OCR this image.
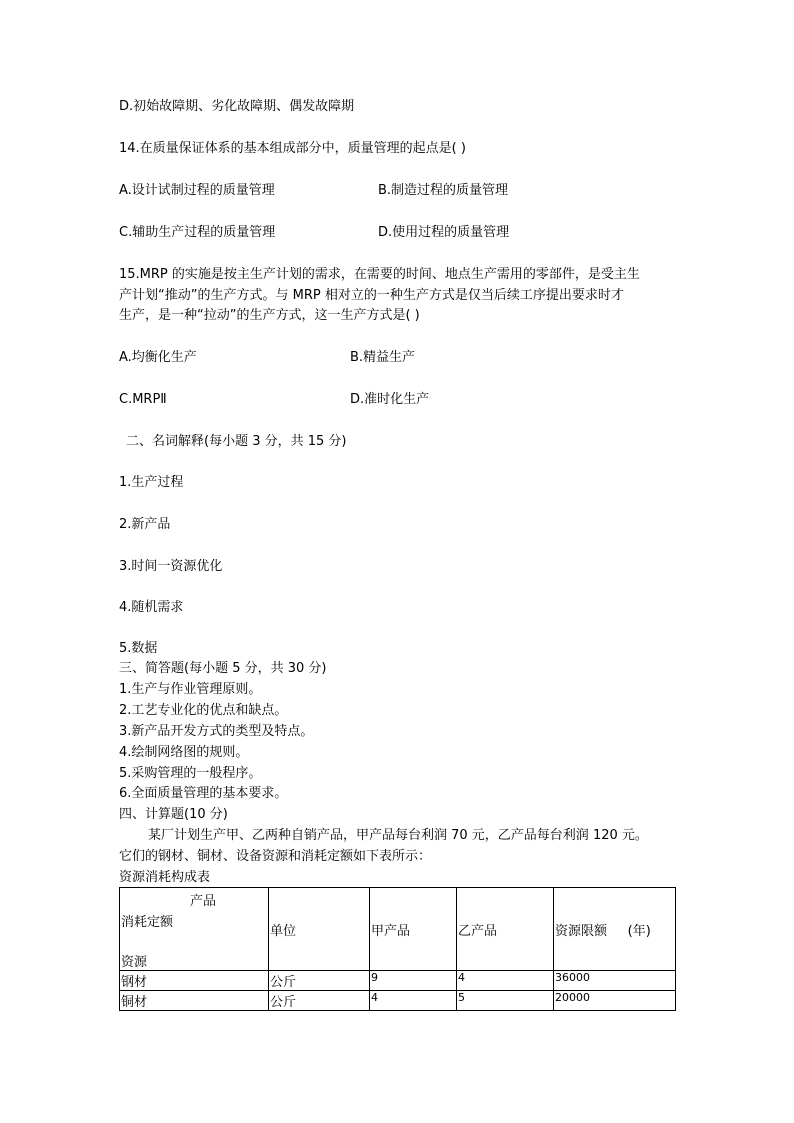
D.初始故障期、劣化故障期、偶发故障期
14.在质量保证体系的基本组成部分中，质量管理的起点是( )
A.设计试制过程的质量管理	B.制造过程的质量管理
C.辅助生产过程的质量管理	D.使用过程的质量管理
15.MRP 的实施是按主生产计划的需求，在需要的时间、地点生产需用的零部件，是受主生
产计划“推动”的生产方式。与 MRP 相对立的一种生产方式是仅当后续工序提出要求时才
生产，是一种“拉动”的生产方式，这一生产方式是( )
A.均衡化生产	B.精益生产
C.MRPⅡ	D.准时化生产
二、名词解释(每小题 3 分，共 15 分)
1.生产过程
2.新产品
3.时间一资源优化
4.随机需求
5.数据
三、简答题(每小题 5 分，共 30 分)
1.生产与作业管理原则。
2.工艺专业化的优点和缺点。
3.新产品开发方式的类型及特点。
4.绘制网络图的规则。
5.采购管理的一般程序。
6.全面质量管理的基本要求。
四、计算题(10 分)
某厂计划生产甲、乙两种自销产品，甲产品每台利润 70 元，乙产品每台利润 120 元。
它们的钢材、铜材、设备资源和消耗定额如下表所示：
资源消耗构成表
产品
消耗定额
资源	单位	甲产品	乙产品	资源限额     (年)
钢材	公斤	9	4	36000
铜材	公斤	4	5	20000
